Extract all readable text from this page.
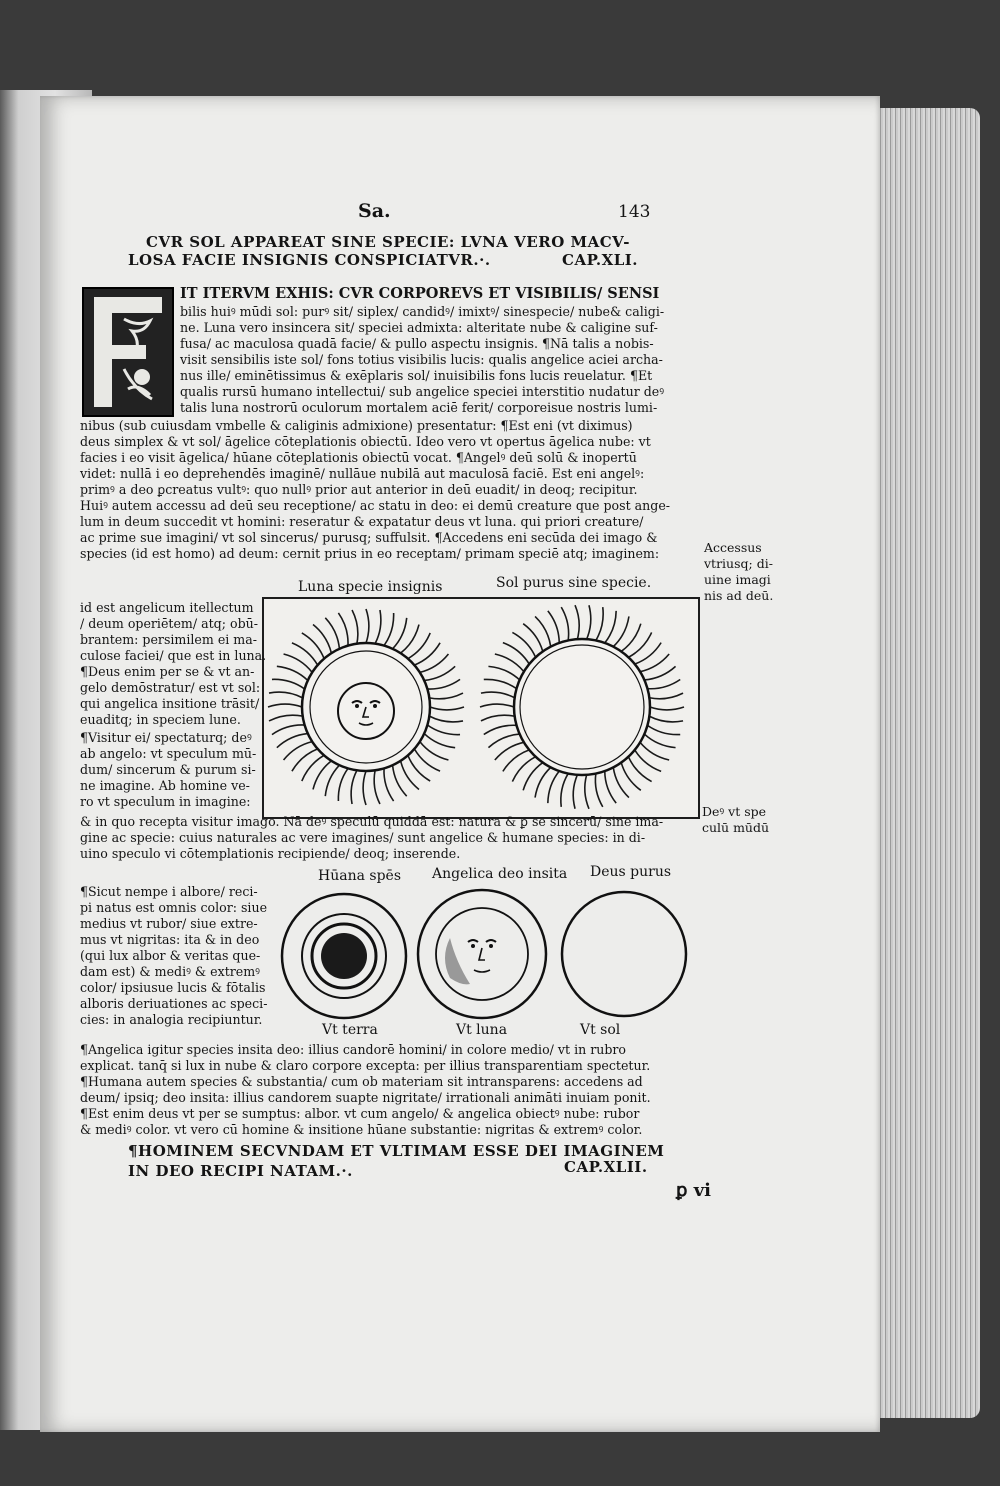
Sa.	143
CVR SOL APPAREAT SINE SPECIE: LVNA VERO MACV-
LOSA FACIE INSIGNIS CONSPICIATVR.·.	CAP.XLI.
IT ITERVM EXHIS: CVR CORPOREVS ET VISIBILIS/ SENSI
bilis huiꝰ mūdi sol: purꝰ sit/ siplex/ candidꝰ/ imixtꝰ/ sinespecie/ nube& caligi-
ne. Luna vero insincera sit/ speciei admixta: alteritate nube & caligine suf-
fusa/ ac maculosa quadā facie/ & pullo aspectu insignis. ¶Nā talis a nobis-
visit sensibilis iste sol/ fons totius visibilis lucis: qualis angelice aciei archa-
nus ille/ eminētissimus & exēplaris sol/ inuisibilis fons lucis reuelatur. ¶Et
qualis rursū humano intellectui/ sub angelice speciei interstitio nudatur deꝰ
talis luna nostrorū oculorum mortalem aciē ferit/ corporeisue nostris lumi-
nibus (sub cuiusdam vmbelle & caliginis admixione) presentatur: ¶Est eni (vt diximus)
deus simplex & vt sol/ āgelice cōteplationis obiectū. Ideo vero vt opertus āgelica nube: vt
facies i eo visit āgelica/ hūane cōteplationis obiectū vocat. ¶Angelꝰ deū solū & inopertū
videt: nullā i eo deprehendēs imaginē/ nullāue nubilā aut maculosā faciē. Est eni angelꝰ:
primꝰ a deo ꝑcreatus vultꝰ: quo nullꝰ prior aut anterior in deū euadit/ in deoq; recipitur.
Huiꝰ autem accessu ad deū seu receptione/ ac statu in deo: ei demū creature que post ange-
lum in deum succedit vt homini: reseratur & expatatur deus vt luna. qui priori creature/
ac prime sue imagini/ vt sol sincerus/ purusq; suffulsit. ¶Accedens eni secūda dei imago &
species (id est homo) ad deum: cernit prius in eo receptam/ primam speciē atq; imaginem:	Accessus
vtriusq; di-
uine imagi
nis ad deū.
Luna specie insignis	Sol purus sine specie.
id est angelicum itellectum
/ deum operiētem/ atq; obū-
brantem: persimilem ei ma-
culose faciei/ que est in luna.
¶Deus enim per se & vt an-
gelo demōstratur/ est vt sol:
qui angelica insitione trāsit/
euaditq; in speciem lune.
¶Visitur ei/ spectaturq; deꝰ
ab angelo: vt speculum mū-
dum/ sincerum & purum si-
ne imagine. Ab homine ve-
ro vt speculum in imagine:
Deꝰ vt spe
culū mūdū
& in quo recepta visitur imago. Nā deꝰ speculū quiddā est: natura & ꝑ se sincerū/ sine ima-
gine ac specie: cuius naturales ac vere imagines/ sunt angelice & humane species: in di-
uino speculo vi cōtemplationis recipiende/ deoq; inserende.
Hūana spēs Angelica deo insita Deus purus
Vt terra	Vt luna	Vt sol
¶Sicut nempe i albore/ reci-
pi natus est omnis color: siue
medius vt rubor/ siue extre-
mus vt nigritas: ita & in deo
(qui lux albor & veritas que-
dam est) & mediꝰ & extremꝰ
color/ ipsiusue lucis & fōtalis
alboris deriuationes ac speci-
cies: in analogia recipiuntur.
¶Angelica igitur species insita deo: illius candorē homini/ in colore medio/ vt in rubro
explicat. tanq̄ si lux in nube & claro corpore excepta: per illius transparentiam spectetur.
¶Humana autem species & substantia/ cum ob materiam sit intransparens: accedens ad
deum/ ipsiq; deo insita: illius candorem suapte nigritate/ irrationali animāti inuiam ponit.
¶Est enim deus vt per se sumptus: albor. vt cum angelo/ & angelica obiectꝰ nube: rubor
& mediꝰ color. vt vero cū homine & insitione hūane substantie: nigritas & extremꝰ color.
¶HOMINEM SECVNDAM ET VLTIMAM ESSE DEI IMAGINEM
IN DEO RECIPI NATAM.·.	CAP.XLII.
ꝑ vi
